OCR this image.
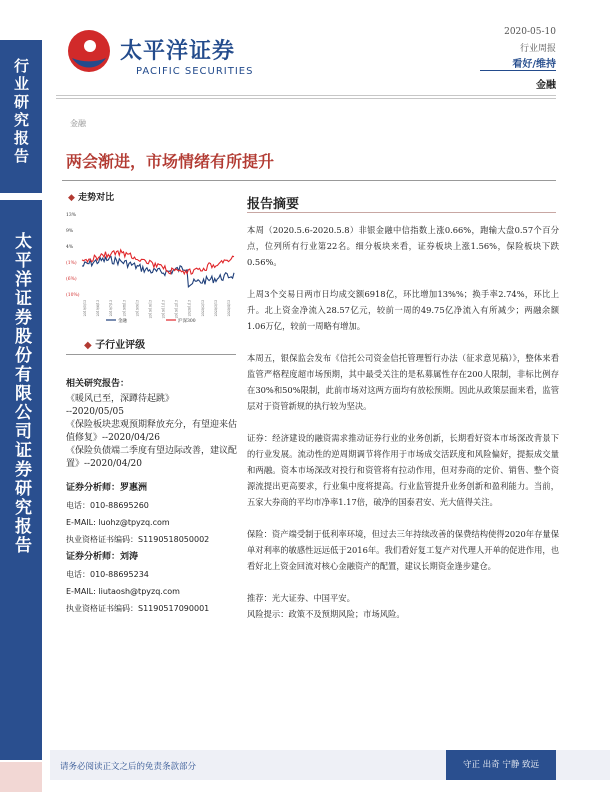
行业研究报告
太平洋证券股份有限公司证券研究报告
太平洋证券
PACIFIC SECURITIES
2020-05-10
行业周报
看好/维持
金融
金融
两会渐进，市场情绪有所提升
◆ 走势对比
13%
9%
4%
(1%)
(6%)
(10%)
2019/5/13	2019/6/13	2019/7/13	2019/8/13	2019/9/13	2019/10/13	2019/11/13	2019/12/13	2020/1/13	2020/2/13	2020/3/13	2020/4/13
金融	沪深300
◆ 子行业评级
相关研究报告：
《暖风已至，深蹲待起跳》
--2020/05/05
《保险板块悲观预期释放充分，有望迎来估值修复》--2020/04/26
《保险负债端二季度有望边际改善，建议配置》--2020/04/20
证券分析师：罗惠洲
电话：010-88695260
E-MAIL: luohz@tpyzq.com
执业资格证书编码：S1190518050002
证券分析师：刘涛
电话：010-88695234
E-MAIL: liutaosh@tpyzq.com
执业资格证书编码：S1190517090001
报告摘要

本周（2020.5.6-2020.5.8）非银金融中信指数上涨0.66%，跑输大盘0.57个百分点，位列所有行业第22名。细分板块来看，证券板块上涨1.56%，保险板块下跌0.56%。

上周3个交易日两市日均成交额6918亿，环比增加13%%；换手率2.74%，环比上升。北上资金净流入28.57亿元，较前一周的49.75亿净流入有所减少；两融余额1.06万亿，较前一周略有增加。

本周五，银保监会发布《信托公司资金信托管理暂行办法（征求意见稿）》，整体来看监管严格程度超市场预期，其中最受关注的是私募属性存在200人限制，非标比例存在30%和50%限制，此前市场对这两方面均有放松预期。因此从政策层面来看，监管层对于资管新规的执行较为坚决。

证券：经济建设的融资需求推动证券行业的业务创新，长期看好资本市场深改背景下的行业发展。流动性的逆周期调节将作用于市场成交活跃度和风险偏好，提振成交量和两融。资本市场深改对投行和资管将有拉动作用，但对券商的定价、销售、整个资源流提出更高要求，行业集中度将提高。行业监管提升业务创新和盈利能力。当前，五家大券商的平均市净率1.17倍，破净的国泰君安、光大值得关注。

保险：资产端受制于低利率环境，但过去三年持续改善的保费结构使得2020年存量保单对利率的敏感性远远低于2016年。我们看好复工复产对代理人开单的促进作用，也看好北上资金回流对核心金融资产的配置，建议长期资金逢步建仓。

推荐：光大证券、中国平安。
风险提示：政策不及预期风险；市场风险。

请务必阅读正文之后的免责条款部分	守正 出奇 宁静 致远
